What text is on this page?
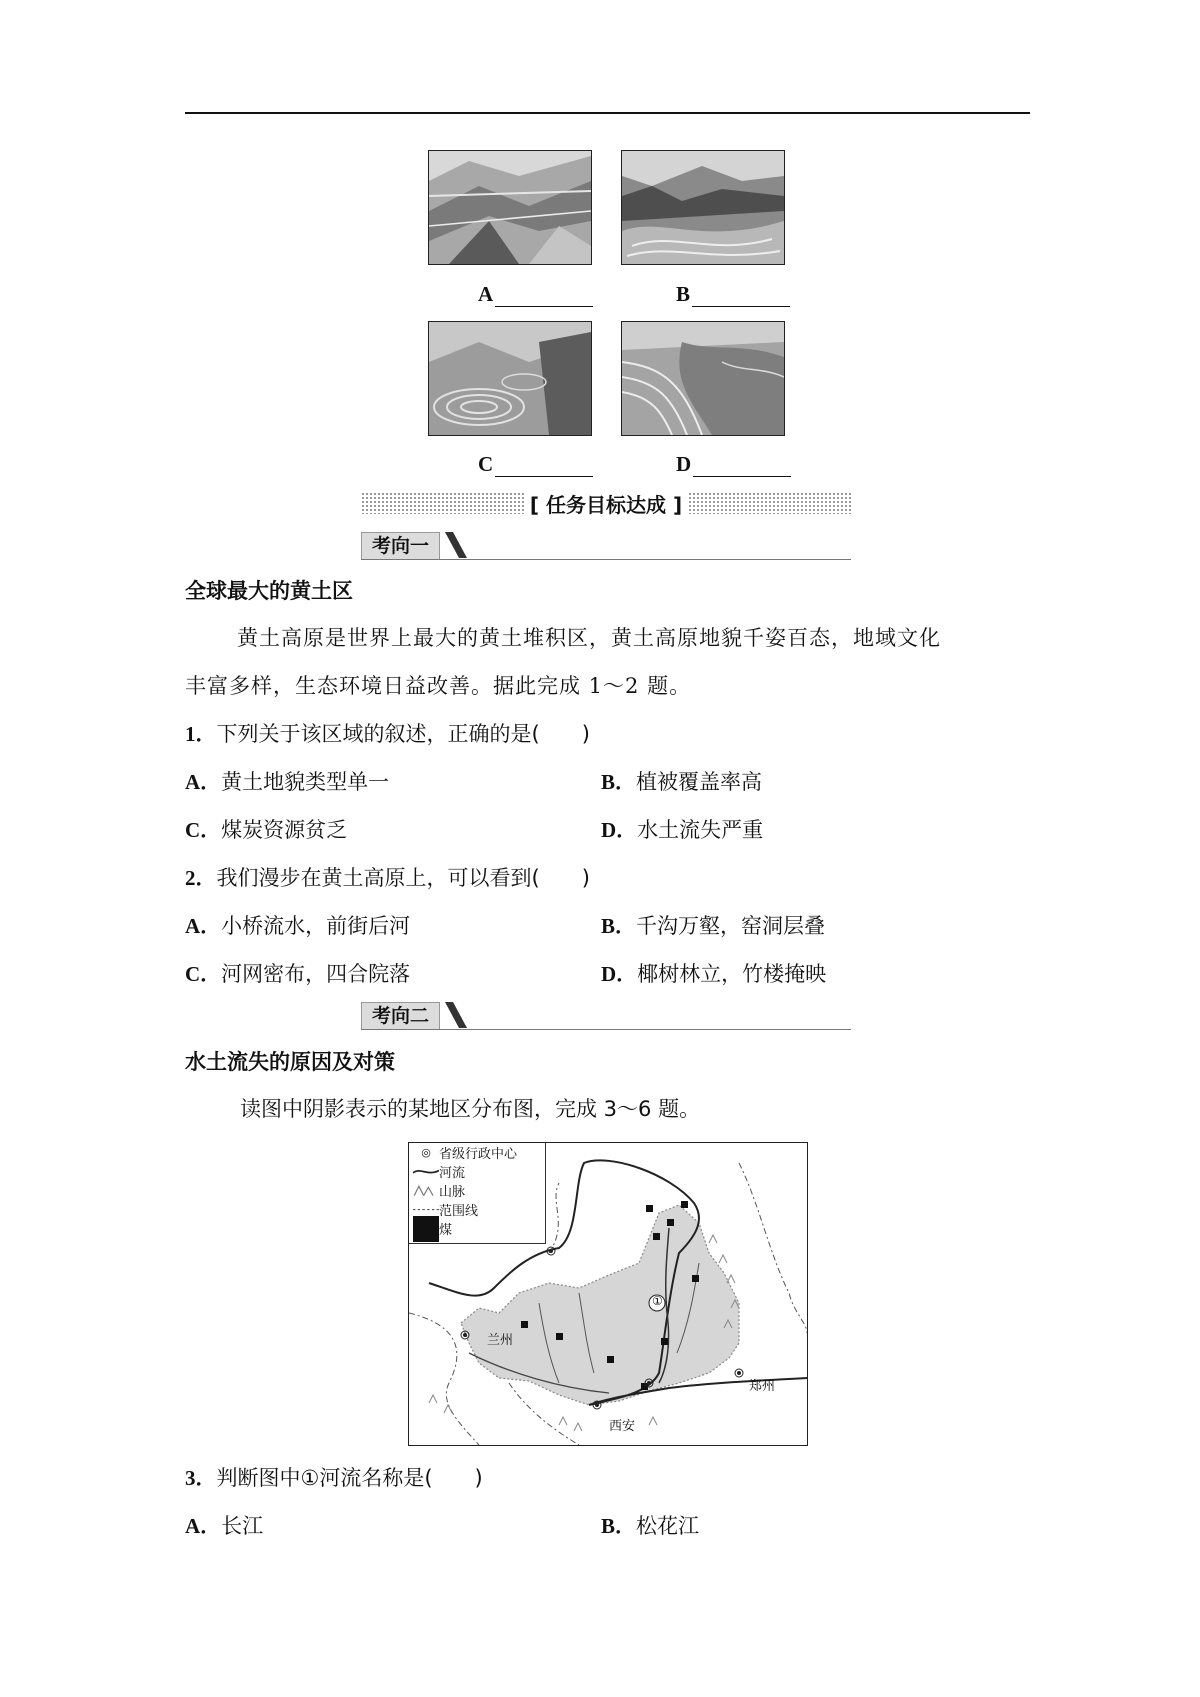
A	B
C	D
[ 任务目标达成 ]
考向一
全球最大的黄土区
黄土高原是世界上最大的黄土堆积区，黄土高原地貌千姿百态，地域文化
丰富多样，生态环境日益改善。据此完成 1～2 题。
1．下列关于该区域的叙述，正确的是(　　)
A．黄土地貌类型单一	B．植被覆盖率高
C．煤炭资源贫乏	D．水土流失严重
2．我们漫步在黄土高原上，可以看到(　　)
A．小桥流水，前街后河	B．千沟万壑，窑洞层叠
C．河网密布，四合院落	D．椰树林立，竹楼掩映
考向二
水土流失的原因及对策
读图中阴影表示的某地区分布图，完成 3～6 题。
◎ 省级行政中心
河流
山脉
范围线
煤
兰州
西安
郑州
①
3．判断图中①河流名称是(　　)
A．长江	B．松花江
